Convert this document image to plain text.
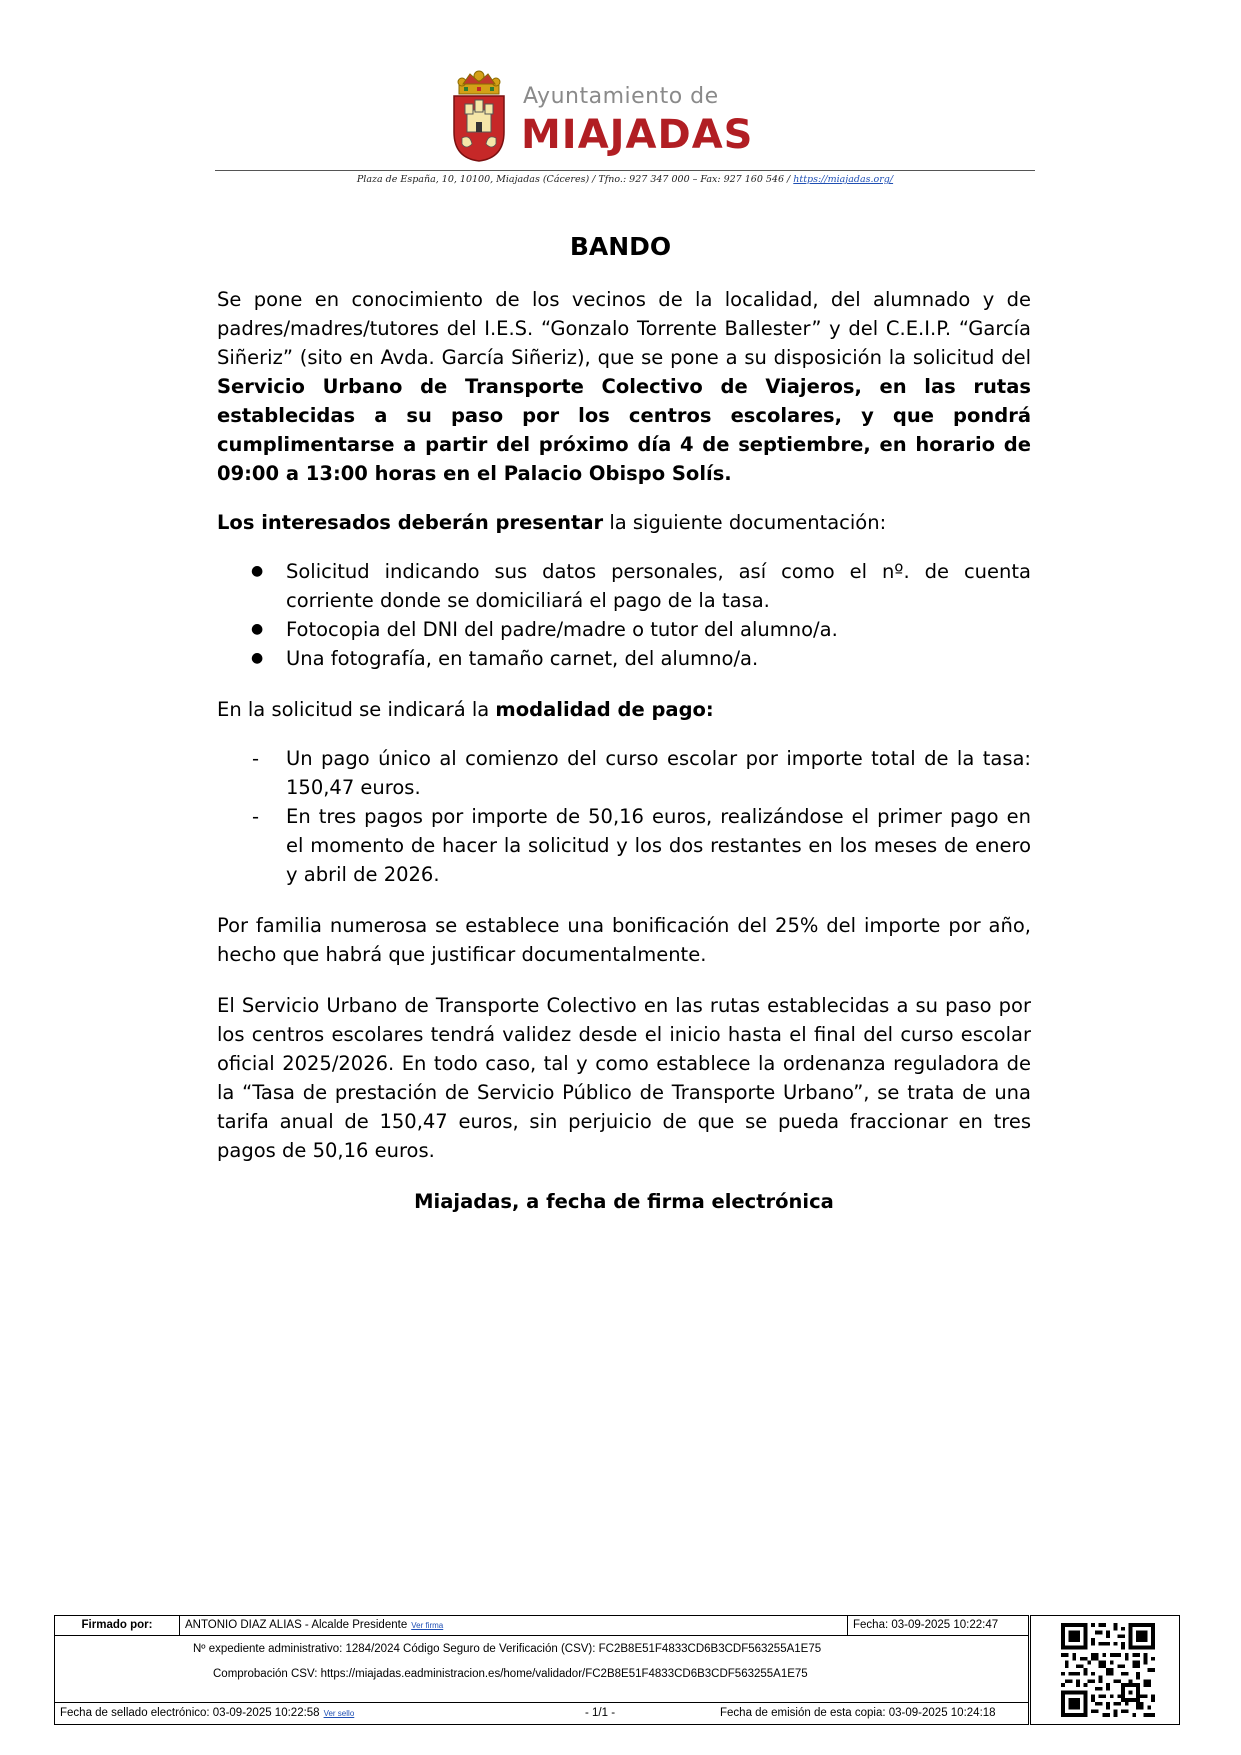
Ayuntamiento de
MIAJADAS
Plaza de España, 10, 10100, Miajadas (Cáceres) / Tfno.: 927 347 000 – Fax: 927 160 546 / https://miajadas.org/
BANDO

Se pone en conocimiento de los vecinos de la localidad, del alumnado y de padres/madres/tutores del I.E.S. “Gonzalo Torrente Ballester” y del C.E.I.P. “García Siñeriz” (sito en Avda. García Siñeriz), que se pone a su disposición la solicitud del Servicio Urbano de Transporte Colectivo de Viajeros, en las rutas establecidas a su paso por los centros escolares, y que pondrá cumplimentarse a partir del próximo día 4 de septiembre, en horario de 09:00 a 13:00 horas en el Palacio Obispo Solís.

Los interesados deberán presentar la siguiente documentación:

● Solicitud indicando sus datos personales, así como el nº. de cuenta corriente donde se domiciliará el pago de la tasa.
● Fotocopia del DNI del padre/madre o tutor del alumno/a.
● Una fotografía, en tamaño carnet, del alumno/a.

En la solicitud se indicará la modalidad de pago:

- Un pago único al comienzo del curso escolar por importe total de la tasa: 150,47 euros.
- En tres pagos por importe de 50,16 euros, realizándose el primer pago en el momento de hacer la solicitud y los dos restantes en los meses de enero y abril de 2026.

Por familia numerosa se establece una bonificación del 25% del importe por año, hecho que habrá que justificar documentalmente.

El Servicio Urbano de Transporte Colectivo en las rutas establecidas a su paso por los centros escolares tendrá validez desde el inicio hasta el final del curso escolar oficial 2025/2026. En todo caso, tal y como establece la ordenanza reguladora de la “Tasa de prestación de Servicio Público de Transporte Urbano”, se trata de una tarifa anual de 150,47 euros, sin perjuicio de que se pueda fraccionar en tres pagos de 50,16 euros.

Miajadas, a fecha de firma electrónica

Firmado por:	ANTONIO DIAZ ALIAS - Alcalde Presidente Ver firma	Fecha: 03-09-2025 10:22:47
Nº expediente administrativo: 1284/2024 Código Seguro de Verificación (CSV): FC2B8E51F4833CD6B3CDF563255A1E75
Comprobación CSV: https://miajadas.eadministracion.es/home/validador/FC2B8E51F4833CD6B3CDF563255A1E75
Fecha de sellado electrónico: 03-09-2025 10:22:58 Ver sello	- 1/1 -	Fecha de emisión de esta copia: 03-09-2025 10:24:18
